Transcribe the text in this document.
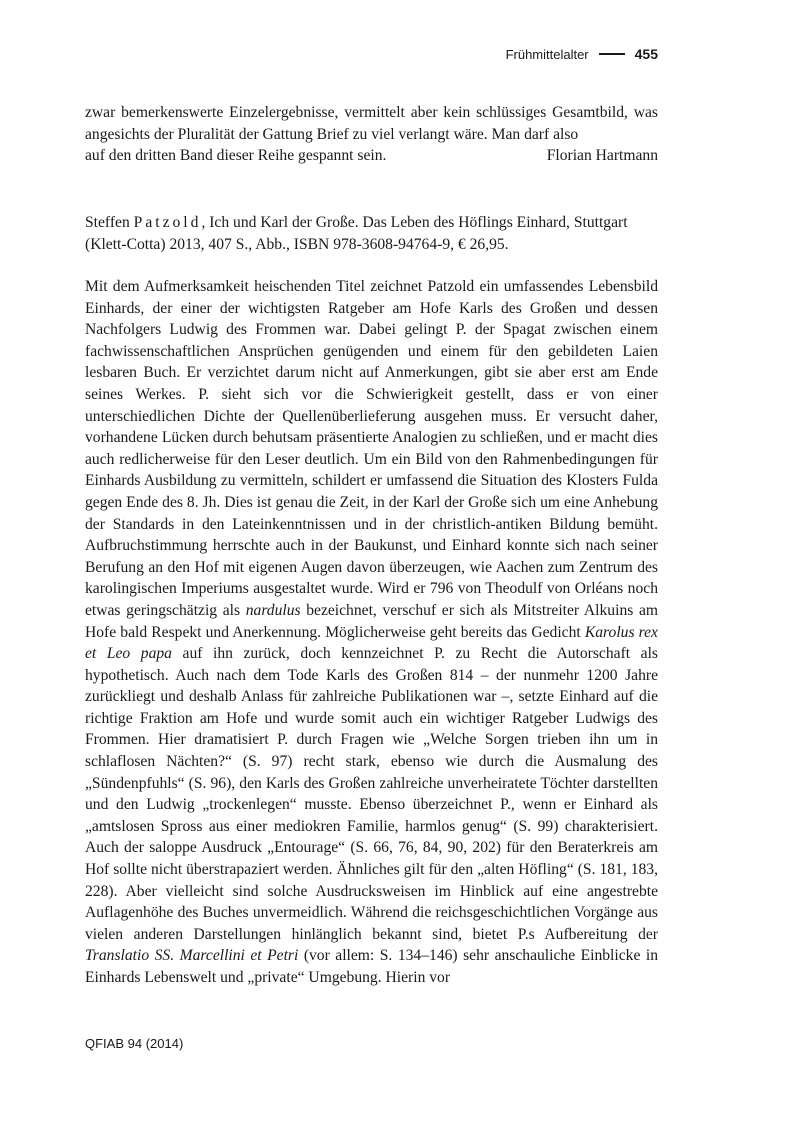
Frühmittelalter	455

zwar bemerkenswerte Einzelergebnisse, vermittelt aber kein schlüssiges Gesamtbild, was angesichts der Pluralität der Gattung Brief zu viel verlangt wäre. Man darf also

auf den dritten Band dieser Reihe gespannt sein.	Florian Hartmann
Steffen Patzold, Ich und Karl der Große. Das Leben des Höflings Einhard, Stuttgart (Klett-Cotta) 2013, 407 S., Abb., ISBN 978-3608-94764-9, € 26,95.

Mit dem Aufmerksamkeit heischenden Titel zeichnet Patzold ein umfassendes Lebensbild Einhards, der einer der wichtigsten Ratgeber am Hofe Karls des Großen und dessen Nachfolgers Ludwig des Frommen war. Dabei gelingt P. der Spagat zwischen einem fachwissenschaftlichen Ansprüchen genügenden und einem für den gebildeten Laien lesbaren Buch. Er verzichtet darum nicht auf Anmerkungen, gibt sie aber erst am Ende seines Werkes. P. sieht sich vor die Schwierigkeit gestellt, dass er von einer unterschiedlichen Dichte der Quellenüberlieferung ausgehen muss. Er versucht daher, vorhandene Lücken durch behutsam präsentierte Analogien zu schließen, und er macht dies auch redlicherweise für den Leser deutlich. Um ein Bild von den Rahmenbedingungen für Einhards Ausbildung zu vermitteln, schildert er umfassend die Situation des Klosters Fulda gegen Ende des 8. Jh. Dies ist genau die Zeit, in der Karl der Große sich um eine Anhebung der Standards in den Lateinkenntnissen und in der christlich-antiken Bildung bemüht. Aufbruchstimmung herrschte auch in der Baukunst, und Einhard konnte sich nach seiner Berufung an den Hof mit eigenen Augen davon überzeugen, wie Aachen zum Zentrum des karolingischen Imperiums ausgestaltet wurde. Wird er 796 von Theodulf von Orléans noch etwas geringschätzig als nardulus bezeichnet, verschuf er sich als Mitstreiter Alkuins am Hofe bald Respekt und Anerkennung. Möglicherweise geht bereits das Gedicht Karolus rex et Leo papa auf ihn zurück, doch kennzeichnet P. zu Recht die Autorschaft als hypothetisch. Auch nach dem Tode Karls des Großen 814 – der nunmehr 1200 Jahre zurückliegt und deshalb Anlass für zahlreiche Publikationen war –, setzte Einhard auf die richtige Fraktion am Hofe und wurde somit auch ein wichtiger Ratgeber Ludwigs des Frommen. Hier dramatisiert P. durch Fragen wie „Welche Sorgen trieben ihn um in schlaflosen Nächten?“ (S. 97) recht stark, ebenso wie durch die Ausmalung des „Sündenpfuhls“ (S. 96), den Karls des Großen zahlreiche unverheiratete Töchter darstellten und den Ludwig „trockenlegen“ musste. Ebenso überzeichnet P., wenn er Einhard als „amtslosen Spross aus einer mediokren Familie, harmlos genug“ (S. 99) charakterisiert. Auch der saloppe Ausdruck „Entourage“ (S. 66, 76, 84, 90, 202) für den Beraterkreis am Hof sollte nicht überstrapaziert werden. Ähnliches gilt für den „alten Höfling“ (S. 181, 183, 228). Aber vielleicht sind solche Ausdrucksweisen im Hinblick auf eine angestrebte Auflagenhöhe des Buches unvermeidlich. Während die reichsgeschichtlichen Vorgänge aus vielen anderen Darstellungen hinlänglich bekannt sind, bietet P.s Aufbereitung der Translatio SS. Marcellini et Petri (vor allem: S. 134–146) sehr anschauliche Einblicke in Einhards Lebenswelt und „private“ Umgebung. Hierin vor

QFIAB 94 (2014)
